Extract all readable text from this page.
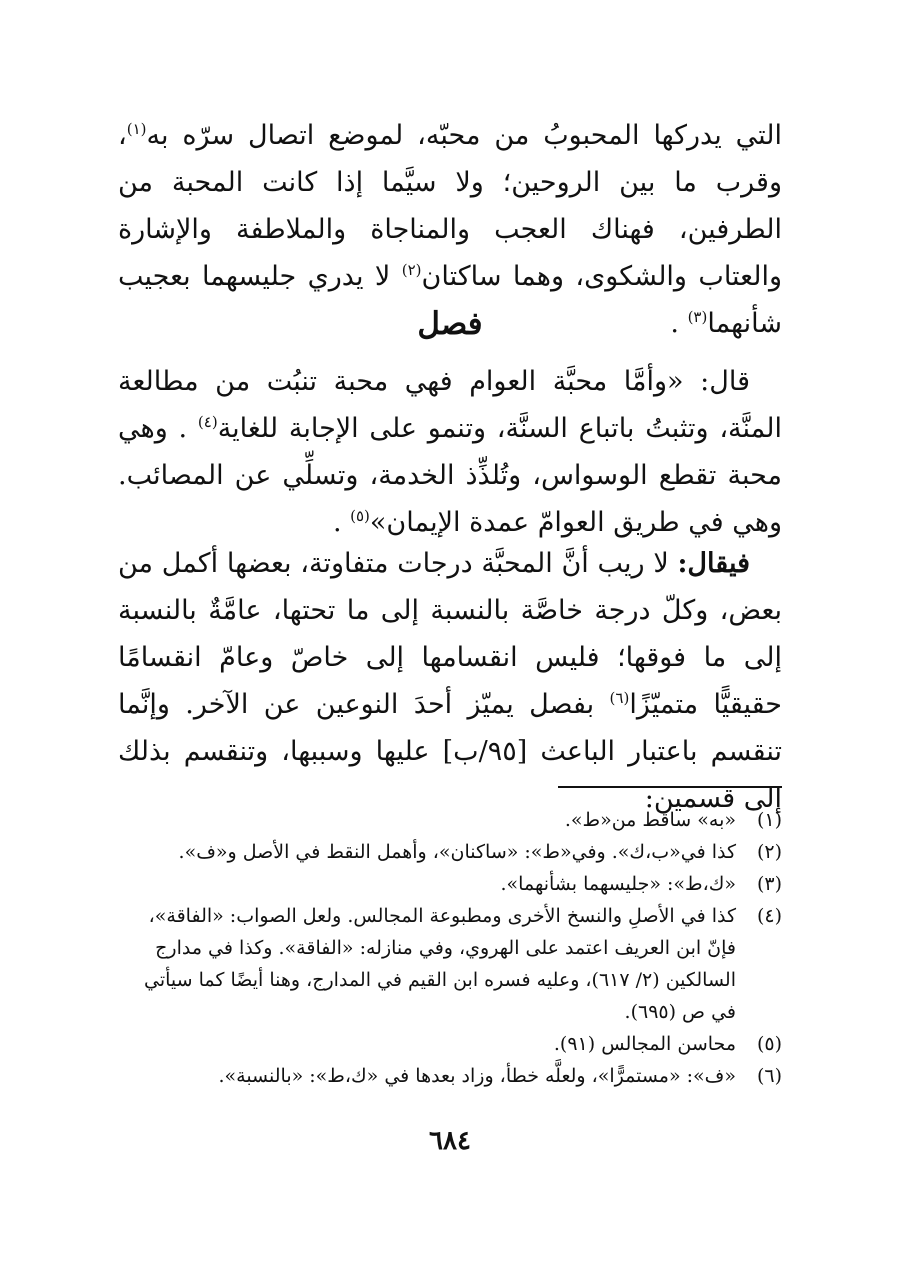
التي يدركها المحبوبُ من محبّه، لموضع اتصال سرّه به$^{(١)}$، وقرب ما بين الروحين؛ ولا سيَّما إذا كانت المحبة من الطرفين، فهناك العجب والمناجاة والملاطفة والإشارة والعتاب والشكوى، وهما ساكتان$^{(٢)}$ لا يدري جليسهما بعجيب شأنهما$^{(٣)}$ .

فصل

قال: «وأمَّا محبَّة العوام فهي محبة تنبُت من مطالعة المنَّة، وتثبتُ باتباع السنَّة، وتنمو على الإجابة للغاية$^{(٤)}$ . وهي محبة تقطع الوسواس، وتُلذِّذ الخدمة، وتسلِّي عن المصائب. وهي في طريق العوامّ عمدة الإيمان»$^{(٥)}$ .

فيقال: لا ريب أنَّ المحبَّة درجات متفاوتة، بعضها أكمل من بعض، وكلّ درجة خاصَّة بالنسبة إلى ما تحتها، عامَّةٌ بالنسبة إلى ما فوقها؛ فليس انقسامها إلى خاصّ وعامّ انقسامًا حقيقيًّا متميّزًا$^{(٦)}$ بفصل يميّز أحدَ النوعين عن الآخر. وإنَّما تنقسم باعتبار الباعث [٩٥/ب] عليها وسببها، وتنقسم بذلك إلى قسمين:

(١)
«به» ساقط من«ط».
(٢)
كذا في«ب،ك». وفي«ط»: «ساكنان»، وأهمل النقط في الأصل و«ف».
(٣)
«ك،ط»: «جليسهما بشأنهما».
(٤)
كذا في الأصلِ والنسخ الأخرى ومطبوعة المجالس. ولعل الصواب: «الفاقة»، فإنّ ابن العريف اعتمد على الهروي، وفي منازله: «الفاقة». وكذا في مدارج السالكين (٢/ ٦١٧)، وعليه فسره ابن القيم في المدارج، وهنا أيضًا كما سيأتي في ص (٦٩٥).
(٥)
محاسن المجالس (٩١).
(٦)
«ف»: «مستمرًّا»، ولعلَّه خطأ، وزاد بعدها في «ك،ط»: «بالنسبة».
٦٨٤
